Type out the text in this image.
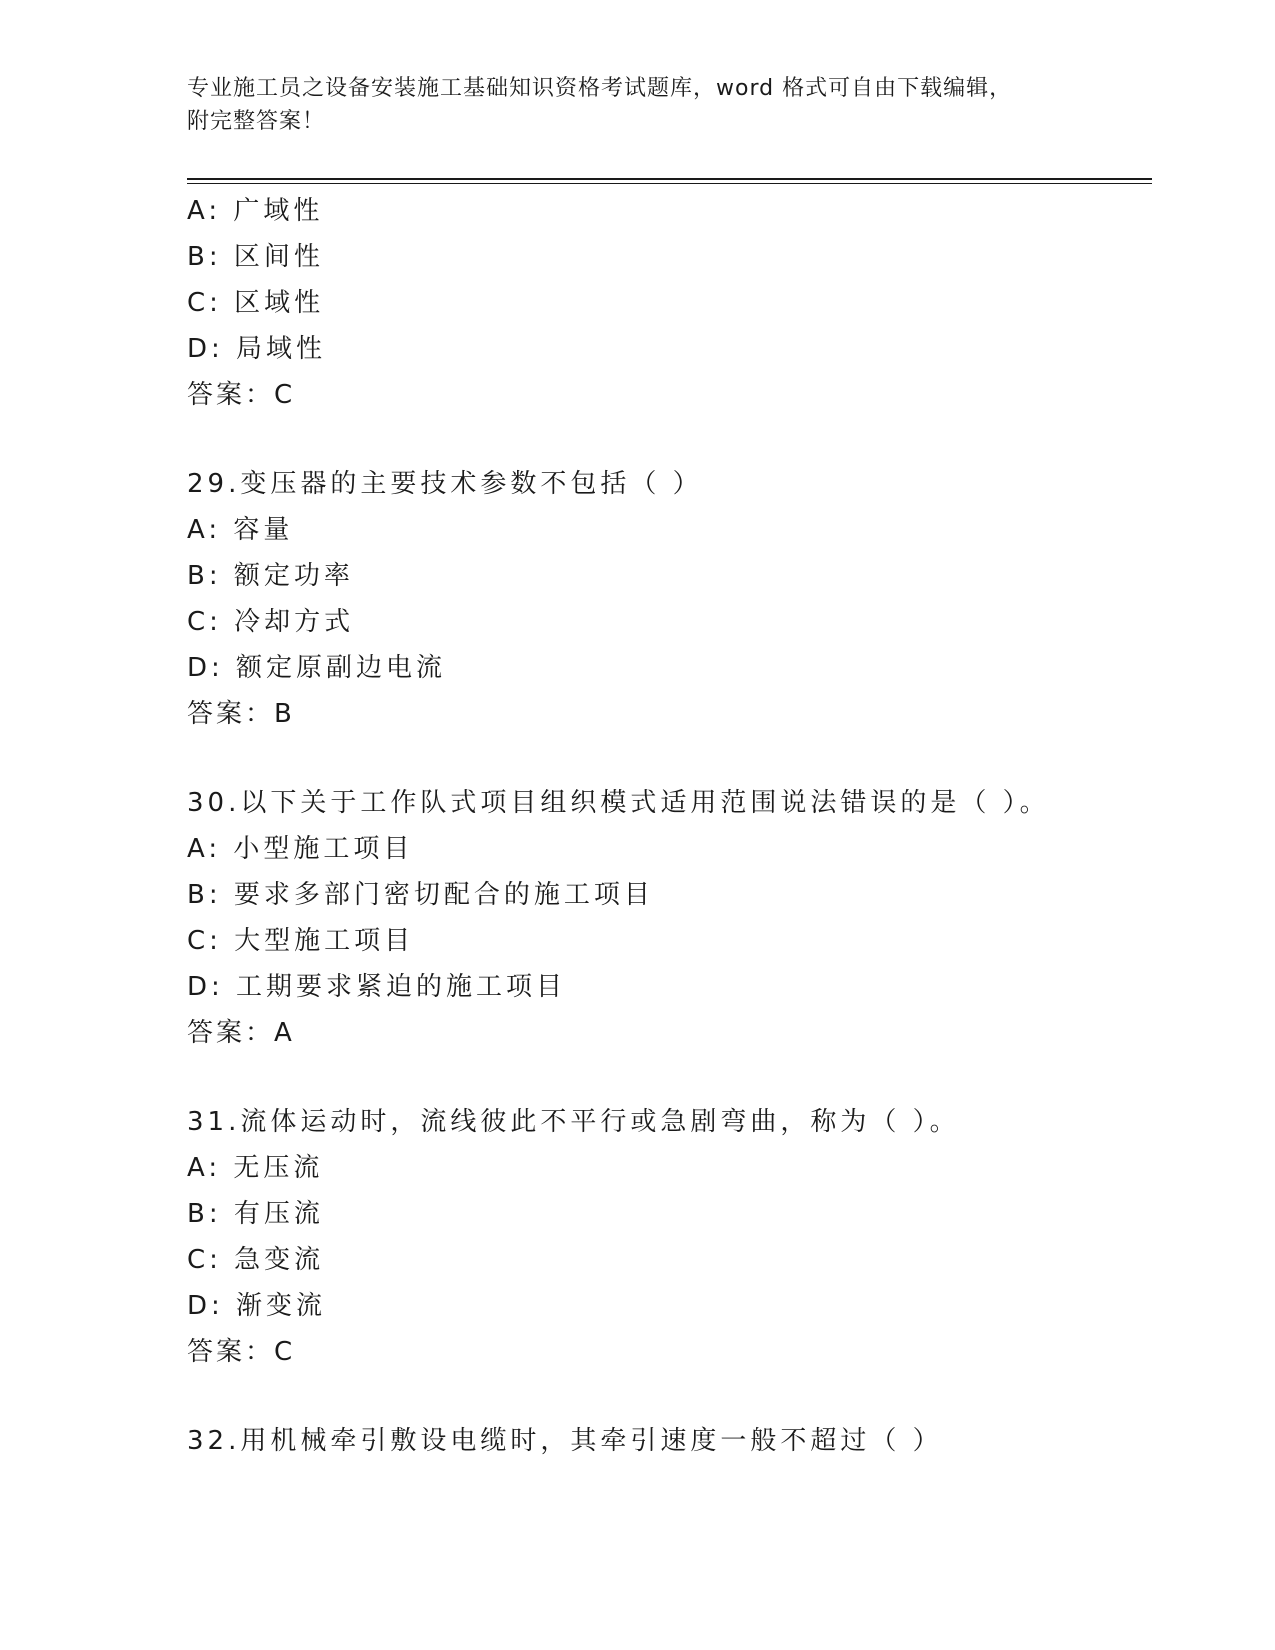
专业施工员之设备安装施工基础知识资格考试题库，word 格式可自由下载编辑，
附完整答案！
A: 广域性
B: 区间性
C: 区域性
D: 局域性
答案：C
29.变压器的主要技术参数不包括（ ）
A: 容量
B: 额定功率
C: 冷却方式
D: 额定原副边电流
答案：B
30.以下关于工作队式项目组织模式适用范围说法错误的是（ ）。
A: 小型施工项目
B: 要求多部门密切配合的施工项目
C: 大型施工项目
D: 工期要求紧迫的施工项目
答案：A
31.流体运动时，流线彼此不平行或急剧弯曲，称为（ ）。
A: 无压流
B: 有压流
C: 急变流
D: 渐变流
答案：C
32.用机械牵引敷设电缆时，其牵引速度一般不超过（ ）
